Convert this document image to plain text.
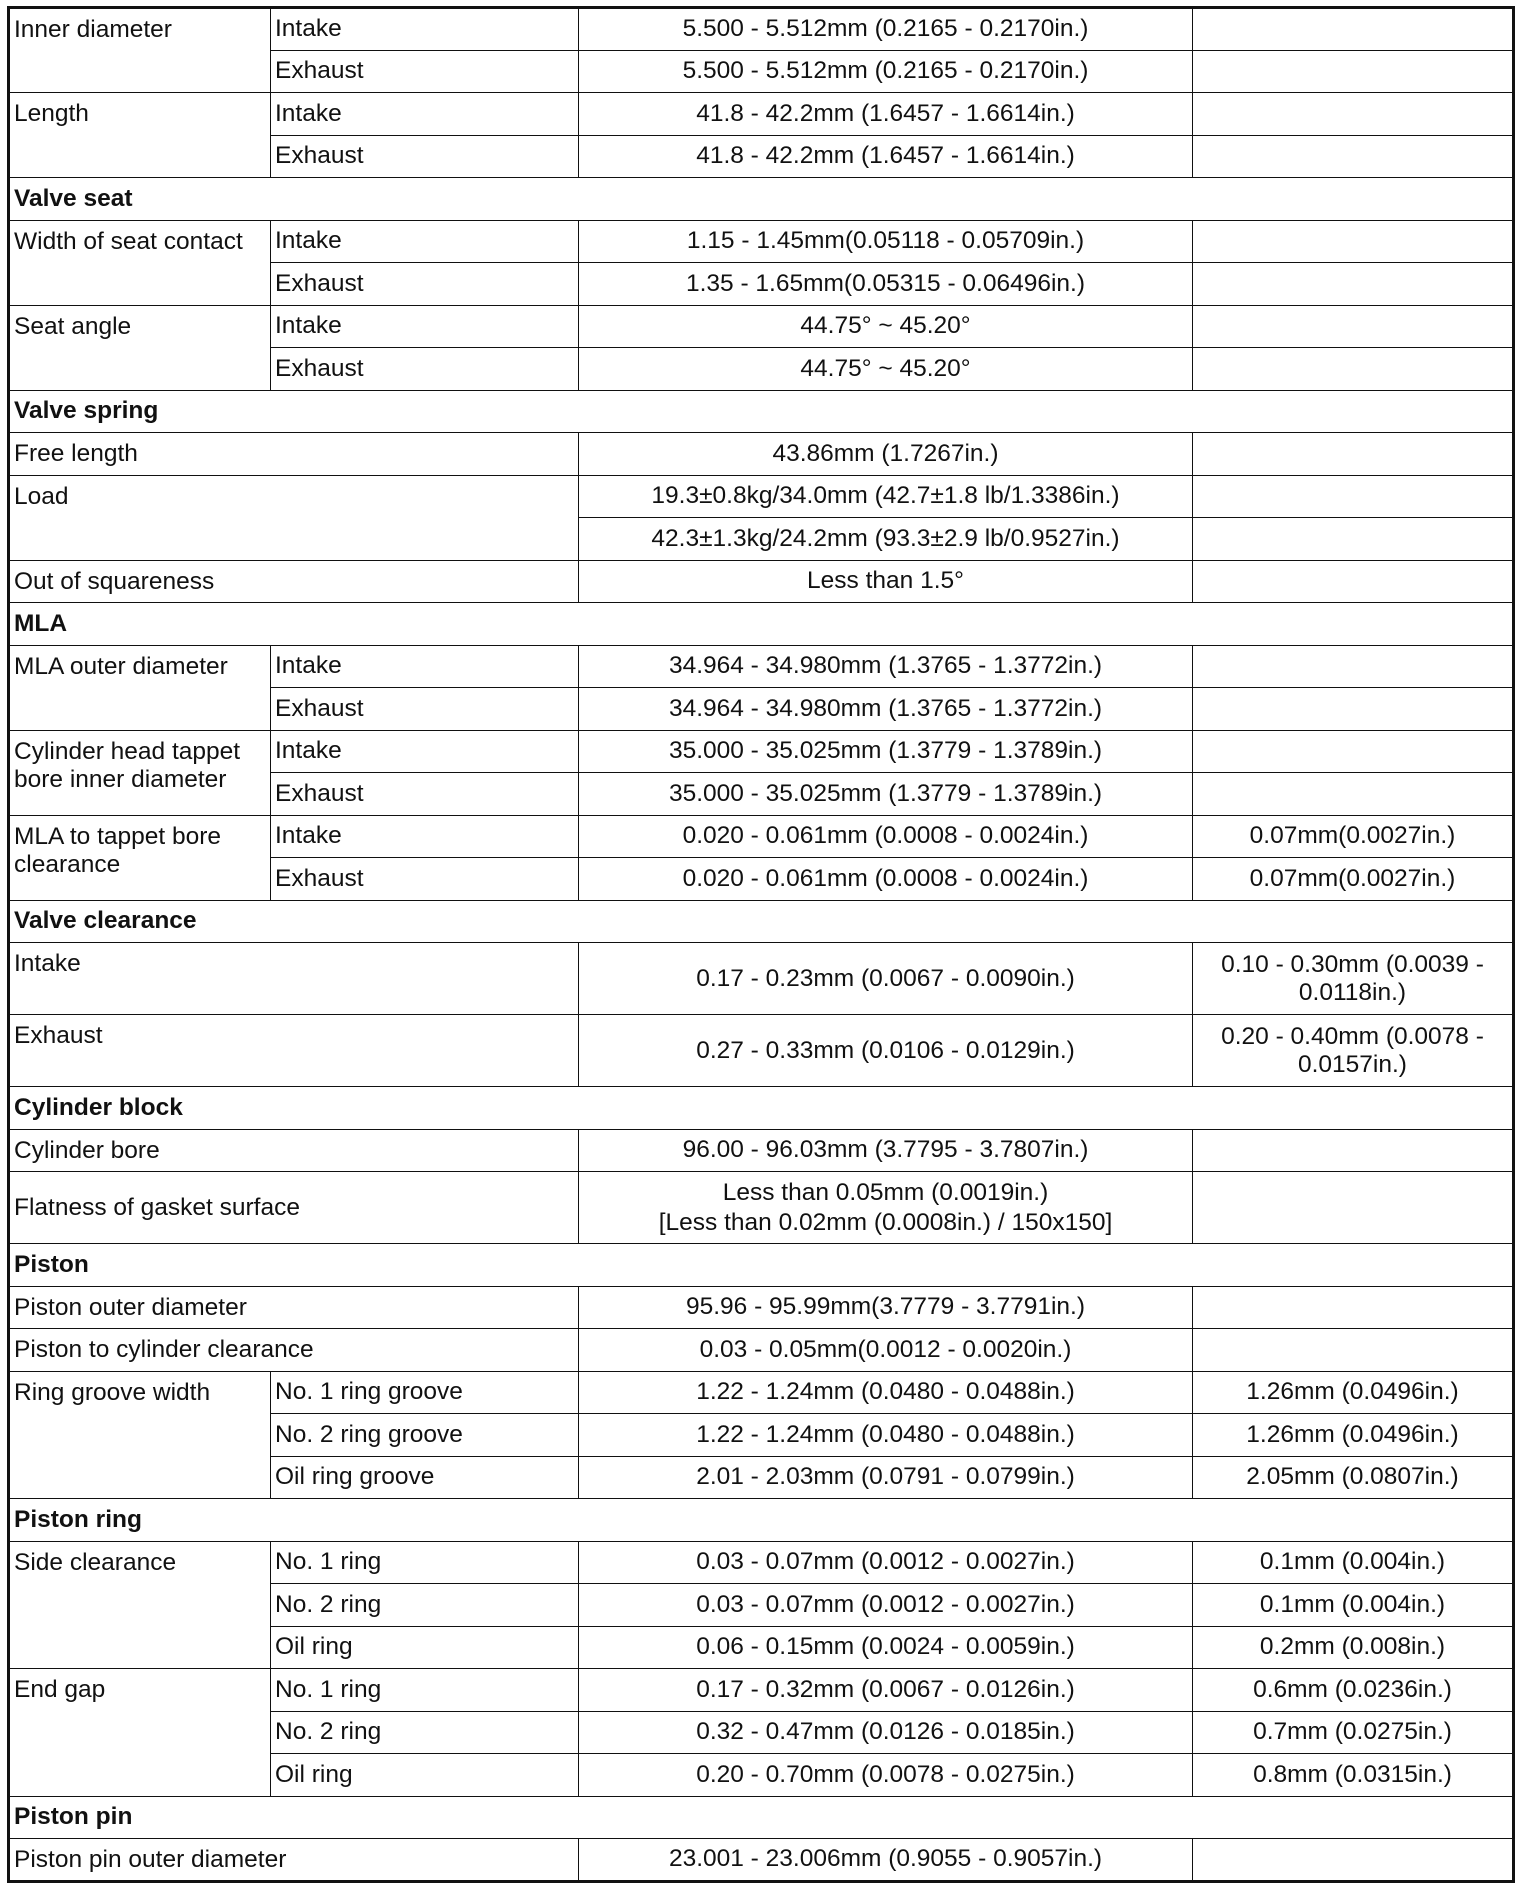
Inner diameter	Intake	5.500 - 5.512mm (0.2165 - 0.2170in.)	
	Exhaust	5.500 - 5.512mm (0.2165 - 0.2170in.)	
Length	Intake	41.8 - 42.2mm (1.6457 - 1.6614in.)	
	Exhaust	41.8 - 42.2mm (1.6457 - 1.6614in.)	
Valve seat			
Width of seat contact	Intake	1.15 - 1.45mm(0.05118 - 0.05709in.)	
	Exhaust	1.35 - 1.65mm(0.05315 - 0.06496in.)	
Seat angle	Intake	44.75° ~ 45.20°	
	Exhaust	44.75° ~ 45.20°	
Valve spring			
Free length		43.86mm (1.7267in.)	
Load		19.3±0.8kg/34.0mm (42.7±1.8 lb/1.3386in.)	
		42.3±1.3kg/24.2mm (93.3±2.9 lb/0.9527in.)	
Out of squareness		Less than 1.5°	
MLA			
MLA outer diameter	Intake	34.964 - 34.980mm (1.3765 - 1.3772in.)	
	Exhaust	34.964 - 34.980mm (1.3765 - 1.3772in.)	
Cylinder head tappet bore inner diameter	Intake	35.000 - 35.025mm (1.3779 - 1.3789in.)	
	Exhaust	35.000 - 35.025mm (1.3779 - 1.3789in.)	
MLA to tappet bore clearance	Intake	0.020 - 0.061mm (0.0008 - 0.0024in.)	0.07mm(0.0027in.)
	Exhaust	0.020 - 0.061mm (0.0008 - 0.0024in.)	0.07mm(0.0027in.)
Valve clearance			
Intake		0.17 - 0.23mm (0.0067 - 0.0090in.)	0.10 - 0.30mm (0.0039 - 0.0118in.)
Exhaust		0.27 - 0.33mm (0.0106 - 0.0129in.)	0.20 - 0.40mm (0.0078 - 0.0157in.)
Cylinder block			
Cylinder bore		96.00 - 96.03mm (3.7795 - 3.7807in.)	
Flatness of gasket surface		Less than 0.05mm (0.0019in.)
[Less than 0.02mm (0.0008in.) / 150x150]	

Piston			
Piston outer diameter		95.96 - 95.99mm(3.7779 - 3.7791in.)	
Piston to cylinder clearance		0.03 - 0.05mm(0.0012 - 0.0020in.)	
Ring groove width	No. 1 ring groove	1.22 - 1.24mm (0.0480 - 0.0488in.)	1.26mm (0.0496in.)
	No. 2 ring groove	1.22 - 1.24mm (0.0480 - 0.0488in.)	1.26mm (0.0496in.)
	Oil ring groove	2.01 - 2.03mm (0.0791 - 0.0799in.)	2.05mm (0.0807in.)
Piston ring			
Side clearance	No. 1 ring	0.03 - 0.07mm (0.0012 - 0.0027in.)	0.1mm (0.004in.)
	No. 2 ring	0.03 - 0.07mm (0.0012 - 0.0027in.)	0.1mm (0.004in.)
	Oil ring	0.06 - 0.15mm (0.0024 - 0.0059in.)	0.2mm (0.008in.)
End gap	No. 1 ring	0.17 - 0.32mm (0.0067 - 0.0126in.)	0.6mm (0.0236in.)
	No. 2 ring	0.32 - 0.47mm (0.0126 - 0.0185in.)	0.7mm (0.0275in.)
	Oil ring	0.20 - 0.70mm (0.0078 - 0.0275in.)	0.8mm (0.0315in.)
Piston pin			
Piston pin outer diameter		23.001 - 23.006mm (0.9055 - 0.9057in.)	
